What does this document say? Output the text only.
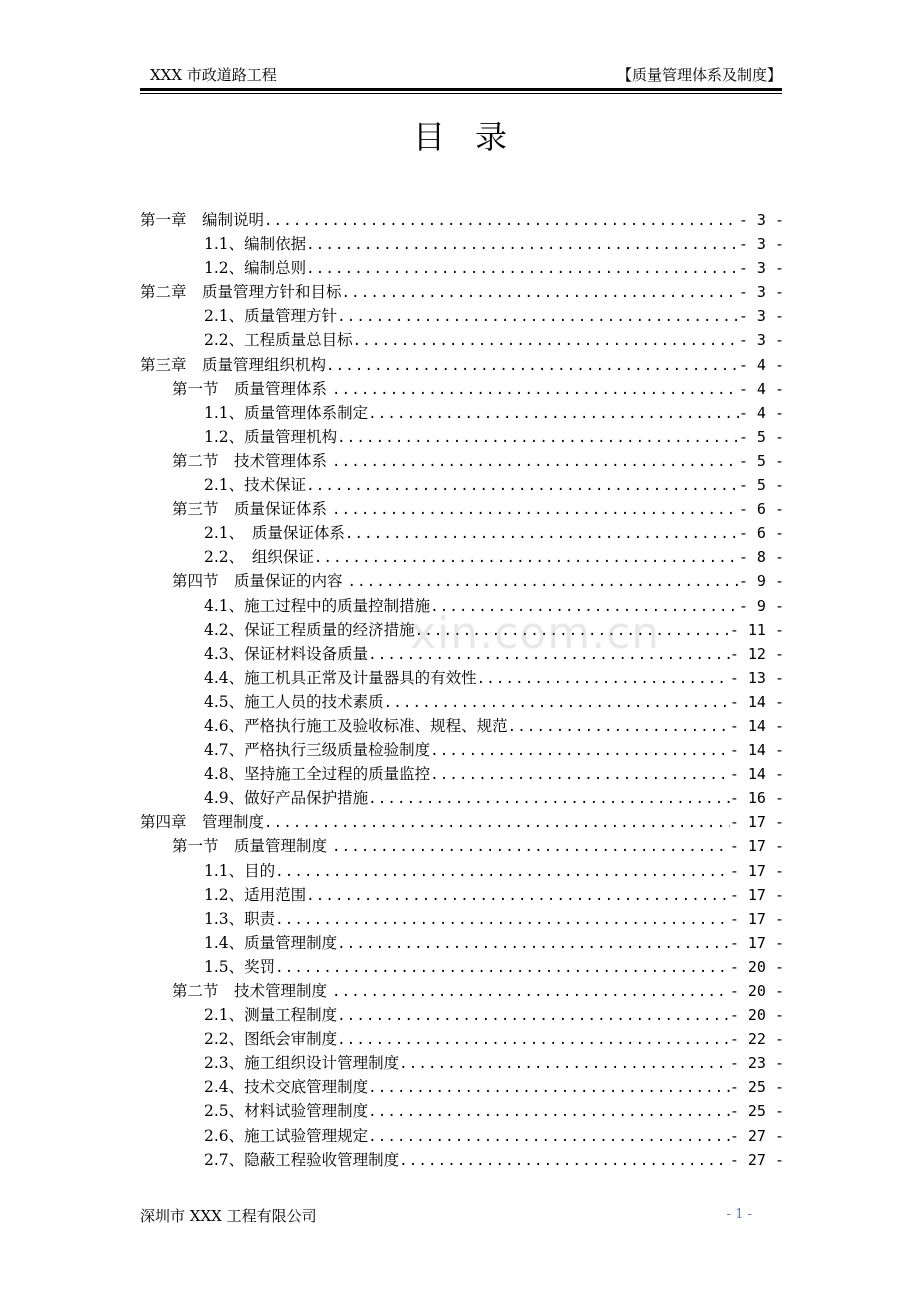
XXX 市政道路工程	【质量管理体系及制度】
目录
第一章　编制说明 .....	- 3 -
1.1、编制依据 .....	- 3 -
1.2、编制总则 .....	- 3 -
第二章　质量管理方针和目标 .....	- 3 -
2.1、质量管理方针 .....	- 3 -
2.2、工程质量总目标 .....	- 3 -
第三章　质量管理组织机构 .....	- 4 -
第一节　质量管理体系 .....	- 4 -
1.1、质量管理体系制定 .....	- 4 -
1.2、质量管理机构 .....	- 5 -
第二节　技术管理体系 .....	- 5 -
2.1、技术保证 .....	- 5 -
第三节　质量保证体系 .....	- 6 -
2.1、　质量保证体系 .....	- 6 -
2.2、　组织保证 .....	- 8 -
第四节　质量保证的内容 .....	- 9 -
4.1、施工过程中的质量控制措施 .....	- 9 -
4.2、保证工程质量的经济措施 .....	- 11 -
4.3、保证材料设备质量 .....	- 12 -
4.4、施工机具正常及计量器具的有效性 .....	- 13 -
4.5、施工人员的技术素质 .....	- 14 -
4.6、严格执行施工及验收标准、规程、规范 .....	- 14 -
4.7、严格执行三级质量检验制度 .....	- 14 -
4.8、坚持施工全过程的质量监控 .....	- 14 -
4.9、做好产品保护措施 .....	- 16 -
第四章　管理制度 .....	- 17 -
第一节　质量管理制度 .....	- 17 -
1.1、目的 .....	- 17 -
1.2、适用范围 .....	- 17 -
1.3、职责 .....	- 17 -
1.4、质量管理制度 .....	- 17 -
1.5、奖罚 .....	- 20 -
第二节　技术管理制度 .....	- 20 -
2.1、测量工程制度 .....	- 20 -
2.2、图纸会审制度 .....	- 22 -
2.3、施工组织设计管理制度 .....	- 23 -
2.4、技术交底管理制度 .....	- 25 -
2.5、材料试验管理制度 .....	- 25 -
2.6、施工试验管理规定 .....	- 27 -
2.7、隐蔽工程验收管理制度 .....	- 27 -
xin.com.cn
深圳市 XXX 工程有限公司	- 1 -
